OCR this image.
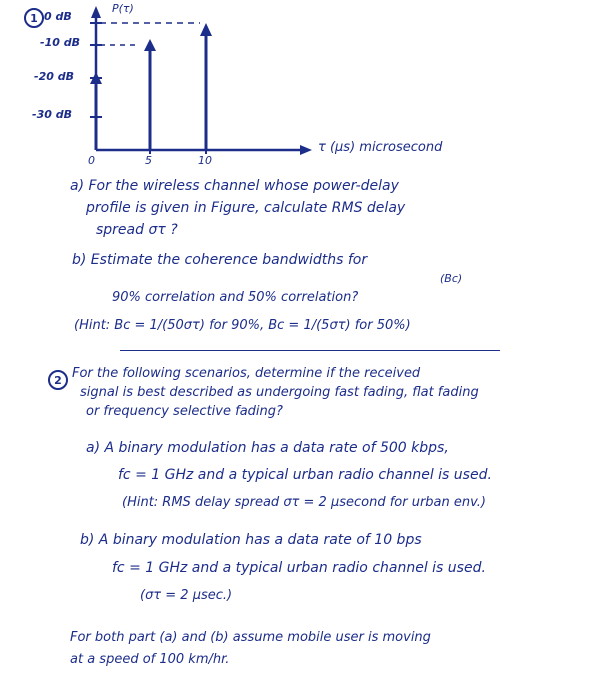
1
P(τ)
0 dB
-10 dB
-20 dB
-30 dB
0	5	10
τ (μs) microsecond
a) For the wireless channel whose power-delay
profile is given in Figure, calculate RMS delay
spread στ ?
b) Estimate the coherence bandwidths for
(Bc)
90% correlation and 50% correlation?
(Hint: Bc = 1/(50στ) for 90%, Bc = 1/(5στ) for 50%)
2 For the following scenarios, determine if the received
signal is best described as undergoing fast fading, flat fading
or frequency selective fading?
a) A binary modulation has a data rate of 500 kbps,
fc = 1 GHz and a typical urban radio channel is used.
(Hint: RMS delay spread στ = 2 μsecond for urban env.)
b) A binary modulation has a data rate of 10 bps
fc = 1 GHz and a typical urban radio channel is used.
(στ = 2 μsec.)
For both part (a) and (b) assume mobile user is moving
at a speed of 100 km/hr.
